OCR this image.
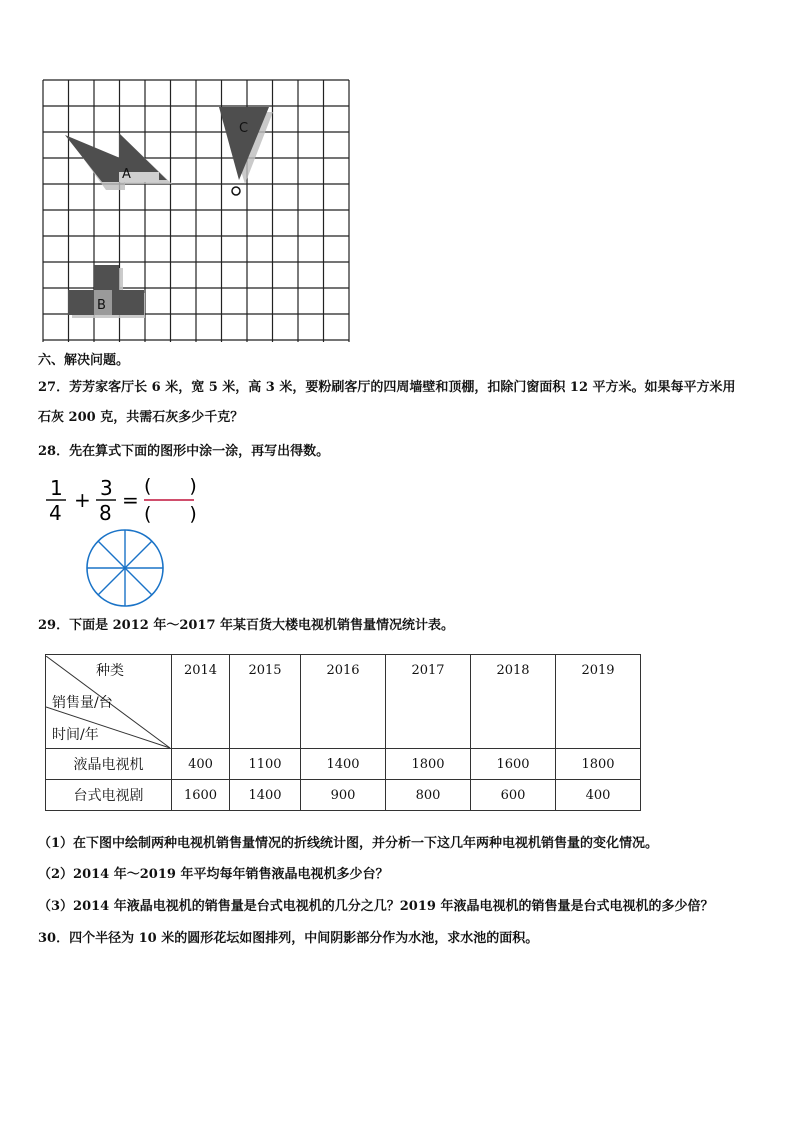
A
C
B
六、解决问题。
27．芳芳家客厅长 6 米，宽 5 米，高 3 米，要粉刷客厅的四周墙壁和顶棚，扣除门窗面积 12 平方米。如果每平方米用
石灰 200 克，共需石灰多少千克？
28．先在算式下面的图形中涂一涂，再写出得数。
1
4
+ 3
8
=
(　　)
(　　)
29．下面是 2012 年～2017 年某百货大楼电视机销售量情况统计表。
种类
销售量/台
时间/年	2014	2015	2016	2017	2018	2019
液晶电视机	400	1100	1400	1800	1600	1800
台式电视剧	1600	1400	900	800	600	400
（1）在下图中绘制两种电视机销售量情况的折线统计图，并分析一下这几年两种电视机销售量的变化情况。
（2）2014 年～2019 年平均每年销售液晶电视机多少台？
（3）2014 年液晶电视机的销售量是台式电视机的几分之几？2019 年液晶电视机的销售量是台式电视机的多少倍？
30．四个半径为 10 米的圆形花坛如图排列，中间阴影部分作为水池，求水池的面积。
